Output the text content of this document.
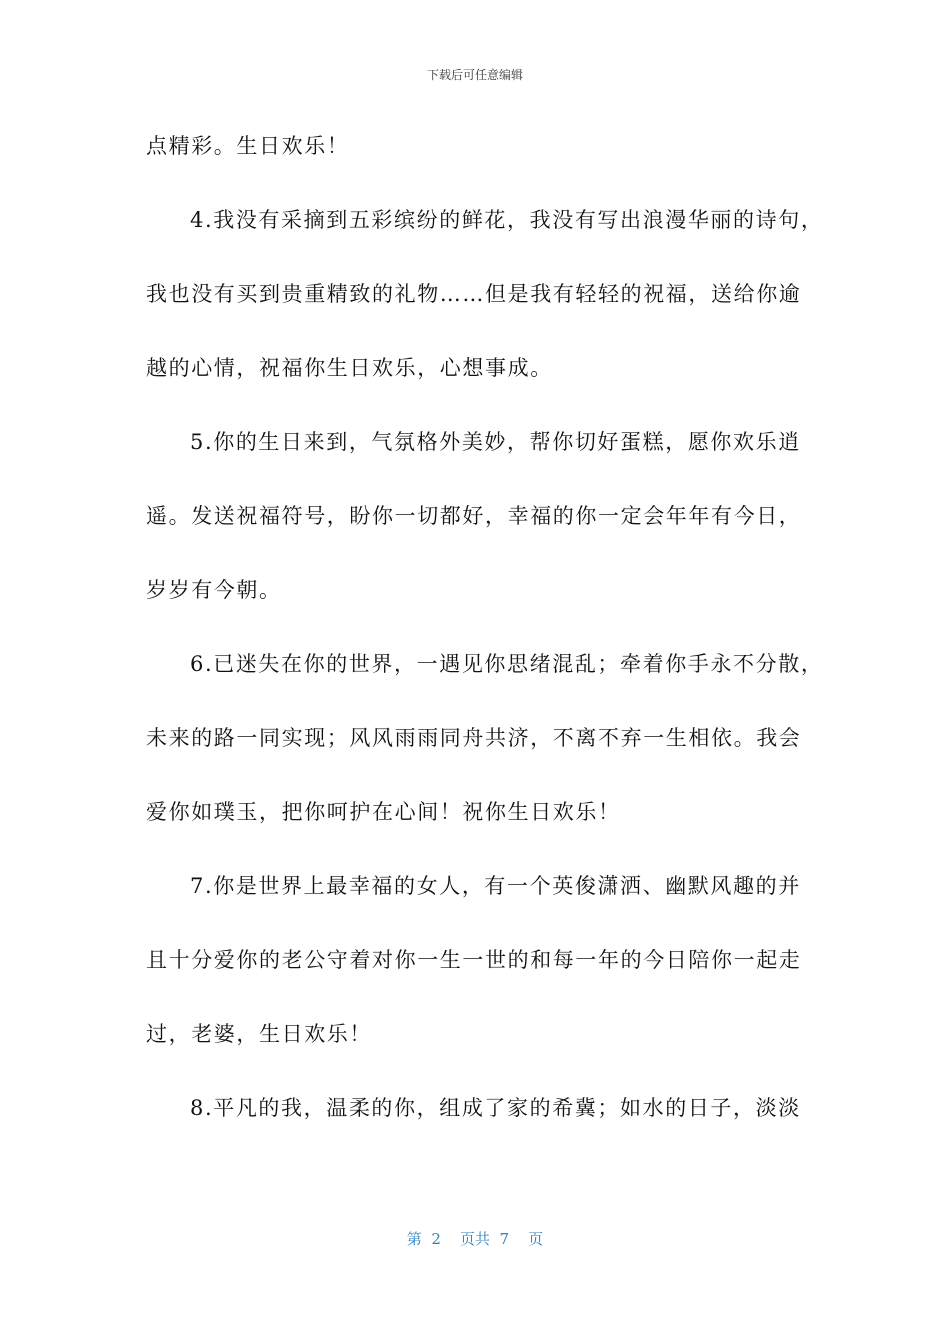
下载后可任意编辑
点精彩。生日欢乐！
4.我没有采摘到五彩缤纷的鲜花，我没有写出浪漫华丽的诗句，
我也没有买到贵重精致的礼物……但是我有轻轻的祝福，送给你逾
越的心情，祝福你生日欢乐，心想事成。
5.你的生日来到，气氛格外美妙，帮你切好蛋糕，愿你欢乐逍
遥。发送祝福符号，盼你一切都好，幸福的你一定会年年有今日，
岁岁有今朝。
6.已迷失在你的世界，一遇见你思绪混乱；牵着你手永不分散，
未来的路一同实现；风风雨雨同舟共济，不离不弃一生相依。我会
爱你如璞玉，把你呵护在心间！祝你生日欢乐！
7.你是世界上最幸福的女人，有一个英俊潇洒、幽默风趣的并
且十分爱你的老公守着对你一生一世的和每一年的今日陪你一起走
过，老婆，生日欢乐！
8.平凡的我，温柔的你，组成了家的希冀；如水的日子，淡淡
第 2 页共 7 页
